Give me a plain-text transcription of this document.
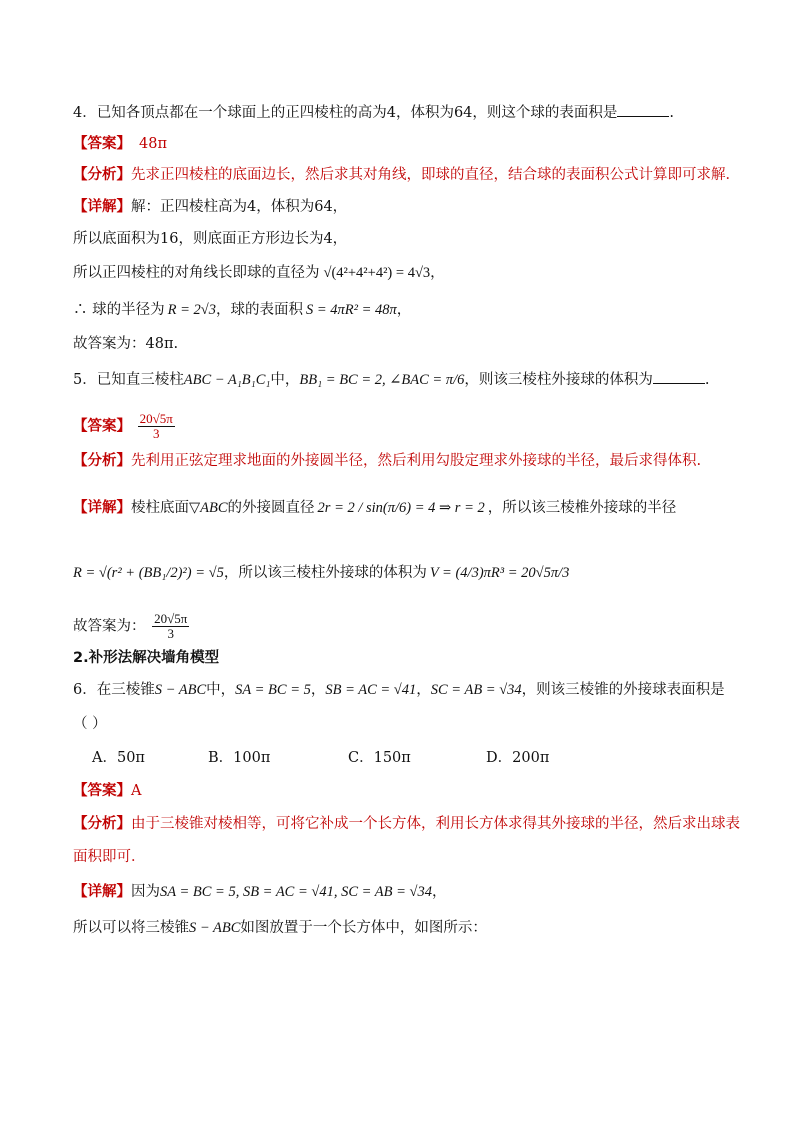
4．已知各顶点都在一个球面上的正四棱柱的高为4，体积为64，则这个球的表面积是	.
【答案】 48π
【分析】先求正四棱柱的底面边长，然后求其对角线，即球的直径，结合球的表面积公式计算即可求解．
【详解】解：正四棱柱高为4，体积为64，
所以底面积为16，则底面正方形边长为4，
所以正四棱柱的对角线长即球的直径为 √(4²+4²+4²) = 4√3，
∴ 球的半径为 R = 2√3，球的表面积 S = 4πR² = 48π，
故答案为：48π.
5．已知直三棱柱ABC − A₁B₁C₁中，BB₁ = BC = 2, ∠BAC = π/6，则该三棱柱外接球的体积为	.
【答案】 $\frac{20√5\pi}{3}$
【分析】先利用正弦定理求地面的外接圆半径，然后利用勾股定理求外接球的半径，最后求得体积.
【详解】棱柱底面▽ABC的外接圆直径 2r = 2 / sin(π/6) = 4 ⇒ r = 2 ，所以该三棱椎外接球的半径
R = √(r² + (BB₁/2)²) = √5，所以该三棱柱外接球的体积为 V = (4/3)πR³ = 20√5π/3
故答案为： $\frac{20√5\pi}{3}$
2.补形法解决墙角模型
6．在三棱锥S − ABC中，SA = BC = 5，SB = AC = √41，SC = AB = √34，则该三棱锥的外接球表面积是
（ ）
A．50π	B．100π	C．150π	D．200π
【答案】A
【分析】由于三棱锥对棱相等，可将它补成一个长方体，利用长方体求得其外接球的半径，然后求出球表
面积即可．
【详解】因为SA = BC = 5, SB = AC = √41, SC = AB = √34，
所以可以将三棱锥S − ABC如图放置于一个长方体中，如图所示：
